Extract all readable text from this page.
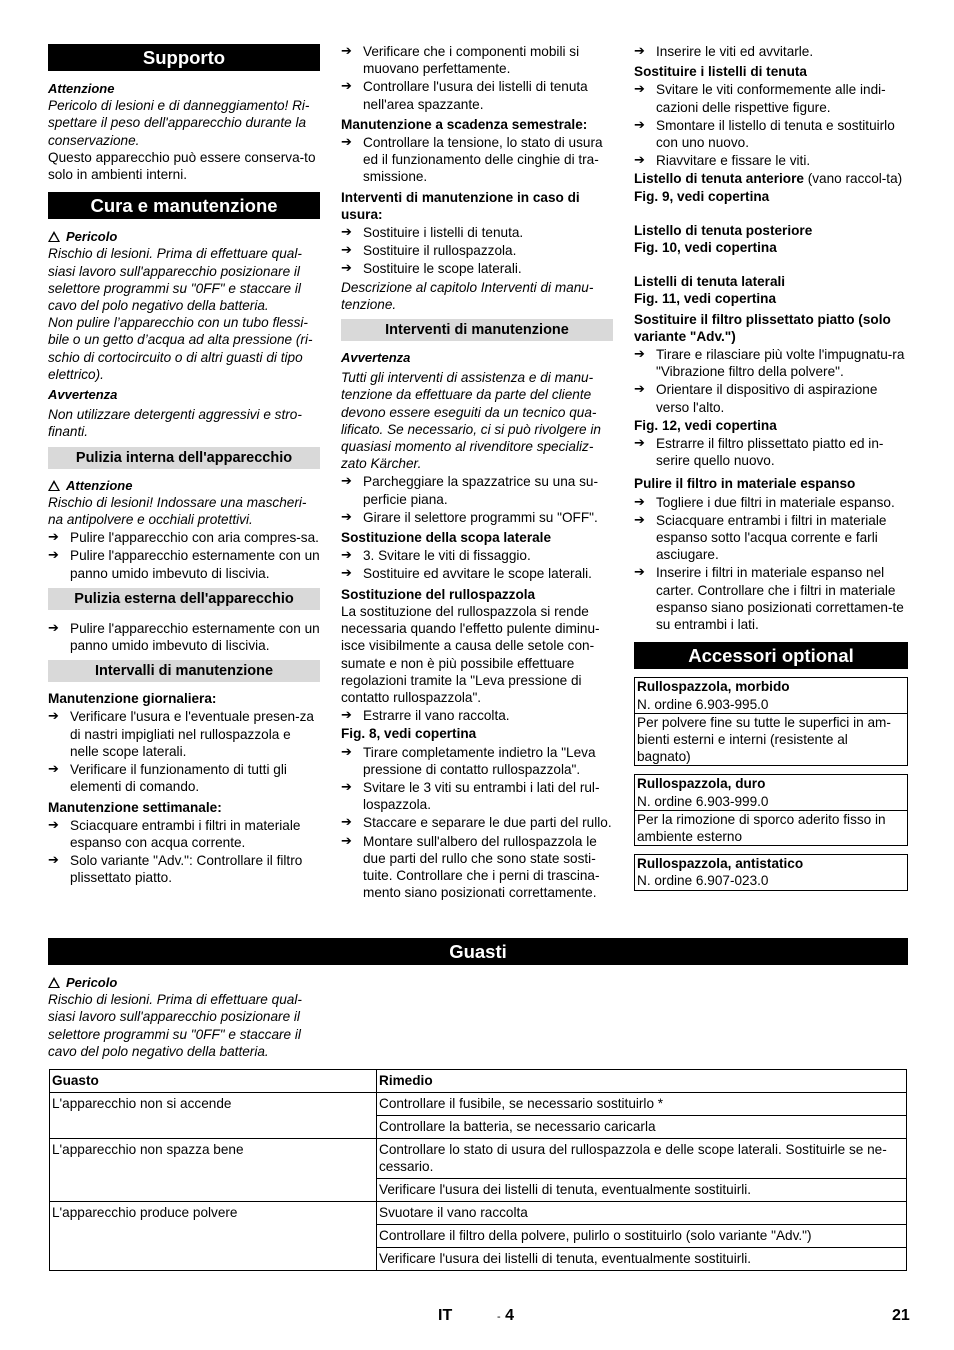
Supporto
Attenzione
Pericolo di lesioni e di danneggiamento! Ri-spettare il peso dell'apparecchio durante la conservazione.
Questo apparecchio può essere conserva-to solo in ambienti interni.
Cura e manutenzione
Pericolo
Rischio di lesioni. Prima di effettuare qual-siasi lavoro sull'apparecchio posizionare il selettore programmi su "0FF" e staccare il cavo del polo negativo della batteria.
Non pulire l’apparecchio con un tubo flessi-bile o un getto d’acqua ad alta pressione (ri-schio di cortocircuito o di altri guasti di tipo elettrico).
Avvertenza
Non utilizzare detergenti aggressivi e stro-finanti.
Pulizia interna dell'apparecchio
Attenzione
Rischio di lesioni! Indossare una mascheri-na antipolvere e occhiali protettivi.
➔ Pulire l'apparecchio con aria compres-sa.
➔ Pulire l'apparecchio esternamente con un panno umido imbevuto di liscivia.
Pulizia esterna dell'apparecchio
➔ Pulire l'apparecchio esternamente con un panno umido imbevuto di liscivia.
Intervalli di manutenzione
Manutenzione giornaliera:
➔ Verificare l'usura e l'eventuale presen-za di nastri impigliati nel rullospazzola e nelle scope laterali.
➔ Verificare il funzionamento di tutti gli elementi di comando.
Manutenzione settimanale:
➔ Sciacquare entrambi i filtri in materiale espanso con acqua corrente.
➔ Solo variante "Adv.": Controllare il filtro plissettato piatto.
➔ Verificare che i componenti mobili si muovano perfettamente.
➔ Controllare l'usura dei listelli di tenuta nell'area spazzante.
Manutenzione a scadenza semestrale:
➔ Controllare la tensione, lo stato di usura ed il funzionamento delle cinghie di tra-smissione.
Interventi di manutenzione in caso di usura:
➔ Sostituire i listelli di tenuta.
➔ Sostituire il rullospazzola.
➔ Sostituire le scope laterali.
Descrizione al capitolo Interventi di manu-tenzione.
Interventi di manutenzione
Avvertenza
Tutti gli interventi di assistenza e di manu-tenzione da effettuare da parte del cliente devono essere eseguiti da un tecnico qua-lificato. Se necessario, ci si può rivolgere in quasiasi momento al rivenditore specializ-zato Kärcher.
➔ Parcheggiare la spazzatrice su una su-perficie piana.
➔ Girare il selettore programmi su "OFF".
Sostituzione della scopa laterale
➔ 3. Svitare le viti di fissaggio.
➔ Sostituire ed avvitare le scope laterali.
Sostituzione del rullospazzola
La sostituzione del rullospazzola si rende necessaria quando l'effetto pulente diminu-isce visibilmente a causa delle setole con-sumate e non è più possibile effettuare regolazioni tramite la "Leva pressione di contatto rullospazzola".
➔ Estrarre il vano raccolta.
Fig. 8, vedi copertina
➔ Tirare completamente indietro la "Leva pressione di contatto rullospazzola".
➔ Svitare le 3 viti su entrambi i lati del rul-lospazzola.
➔ Staccare e separare le due parti del rullo.
➔ Montare sull'albero del rullospazzola le due parti del rullo che sono state sosti-tuite. Controllare che i perni di trascina-mento siano posizionati correttamente.
➔ Inserire le viti ed avvitarle.
Sostituire i listelli di tenuta
➔ Svitare le viti conformemente alle indi-cazioni delle rispettive figure.
➔ Smontare il listello di tenuta e sostituirlo con uno nuovo.
➔ Riavvitare e fissare le viti.
Listello di tenuta anteriore (vano raccol-ta)
Fig. 9, vedi copertina
Listello di tenuta posteriore
Fig. 10, vedi copertina
Listelli di tenuta laterali
Fig. 11, vedi copertina
Sostituire il filtro plissettato piatto (solo variante "Adv.")
➔ Tirare e rilasciare più volte l'impugnatu-ra "Vibrazione filtro della polvere".
➔ Orientare il dispositivo di aspirazione verso l'alto.
Fig. 12, vedi copertina
➔ Estrarre il filtro plissettato piatto ed in-serire quello nuovo.
Pulire il filtro in materiale espanso
➔ Togliere i due filtri in materiale espanso.
➔ Sciacquare entrambi i filtri in materiale espanso sotto l'acqua corrente e farli asciugare.
➔ Inserire i filtri in materiale espanso nel carter. Controllare che i filtri in materiale espanso siano posizionati correttamen-te su entrambi i lati.
Accessori optional
Rullospazzola, morbido
N. ordine 6.903-995.0
Per polvere fine su tutte le superfici in am-bienti esterni e interni (resistente al bagnato)
Rullospazzola, duro
N. ordine 6.903-999.0
Per la rimozione di sporco aderito fisso in ambiente esterno
Rullospazzola, antistatico
N. ordine 6.907-023.0
Guasti
Pericolo
Rischio di lesioni. Prima di effettuare qual-siasi lavoro sull'apparecchio posizionare il selettore programmi su "0FF" e staccare il cavo del polo negativo della batteria.
Guasto	Rimedio
L'apparecchio non si accende	Controllare il fusibile, se necessario sostituirlo *
	Controllare la batteria, se necessario caricarla
L'apparecchio non spazza bene	Controllare lo stato di usura del rullospazzola e delle scope laterali. Sostituirle se ne-cessario.
	Verificare l'usura dei listelli di tenuta, eventualmente sostituirli.
L'apparecchio produce polvere	Svuotare il vano raccolta
	Controllare il filtro della polvere, pulirlo o sostituirlo (solo variante "Adv.")
	Verificare l'usura dei listelli di tenuta, eventualmente sostituirli.
IT	- 4	21
